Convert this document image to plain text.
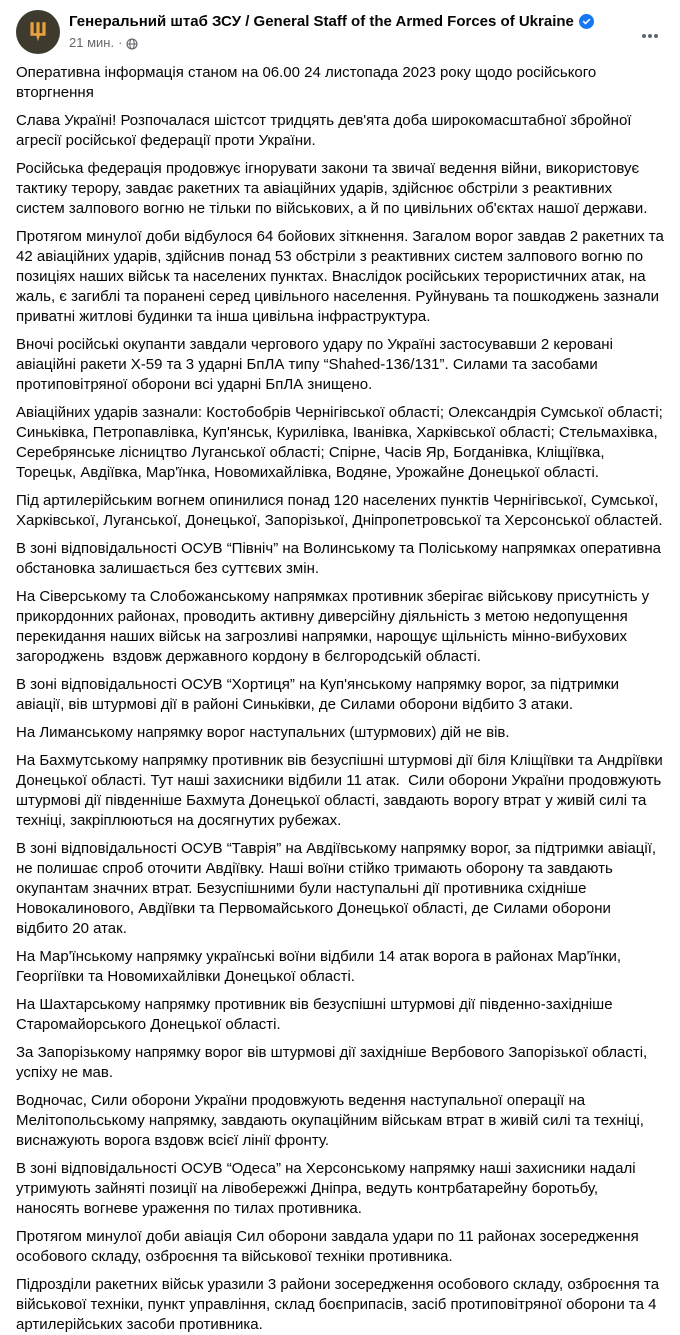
Генеральний штаб ЗСУ / General Staff of the Armed Forces of Ukraine
21 мин. ·

Оперативна інформація станом на 06.00 24 листопада 2023 року щодо російського вторгнення

Слава Україні! Розпочалася шістсот тридцять дев'ята доба широкомасштабної збройної агресії російської федерації проти України.

Російська федерація продовжує ігнорувати закони та звичаї ведення війни, використовує тактику терору, завдає ракетних та авіаційних ударів, здійснює обстріли з реактивних систем залпового вогню не тільки по військових, а й по цивільних об'єктах нашої держави.

Протягом минулої доби відбулося 64 бойових зіткнення. Загалом ворог завдав 2 ракетних та 42 авіаційних ударів, здійснив понад 53 обстріли з реактивних систем залпового вогню по позиціях наших військ та населених пунктах. Внаслідок російських терористичних атак, на жаль, є загиблі та поранені серед цивільного населення. Руйнувань та пошкоджень зазнали приватні житлові будинки та інша цивільна інфраструктура.

Вночі російські окупанти завдали чергового удару по Україні застосувавши 2 керовані авіаційні ракети Х-59 та 3 ударні БпЛА типу “Shahed-136/131”. Силами та засобами протиповітряної оборони всі ударні БпЛА знищено.

Авіаційних ударів зазнали: Костобобрів Чернігівської області; Олександрія Сумської області; Синьківка, Петропавлівка, Куп'янськ, Курилівка, Іванівка, Харківської області; Стельмахівка, Серебрянське лісництво Луганської області; Спірне, Часів Яр, Богданівка, Кліщіївка, Торецьк, Авдіївка, Мар'їнка, Новомихайлівка, Водяне, Урожайне Донецької області.

Під артилерійським вогнем опинилися понад 120 населених пунктів Чернігівської, Сумської, Харківської, Луганської, Донецької, Запорізької, Дніпропетровської та Херсонської областей.

В зоні відповідальності ОСУВ “Північ” на Волинському та Поліському напрямках оперативна обстановка залишається без суттєвих змін.

На Сіверському та Слобожанському напрямках противник зберігає військову присутність у прикордонних районах, проводить активну диверсійну діяльність з метою недопущення перекидання наших військ на загрозливі напрямки, нарощує щільність мінно-вибухових загороджень  вздовж державного кордону в бєлгородській області.

В зоні відповідальності ОСУВ “Хортиця” на Куп'янському напрямку ворог, за підтримки авіації, вів штурмові дії в районі Синьківки, де Силами оборони відбито 3 атаки.

На Лиманському напрямку ворог наступальних (штурмових) дій не вів.

На Бахмутському напрямку противник вів безуспішні штурмові дії біля Кліщіївки та Андріївки Донецької області. Тут наші захисники відбили 11 атак.  Сили оборони України продовжують штурмові дії південніше Бахмута Донецької області, завдають ворогу втрат у живій силі та техніці, закріплюються на досягнутих рубежах.

В зоні відповідальності ОСУВ “Таврія” на Авдіївському напрямку ворог, за підтримки авіації, не полишає спроб оточити Авдіївку. Наші воїни стійко тримають оборону та завдають окупантам значних втрат. Безуспішними були наступальні дії противника східніше Новокалинового, Авдіївки та Первомайського Донецької області, де Силами оборони відбито 20 атак.

На Мар'їнському напрямку українські воїни відбили 14 атак ворога в районах Мар'їнки, Георгіївки та Новомихайлівки Донецької області.

На Шахтарському напрямку противник вів безуспішні штурмові дії південно-західніше Старомайорського Донецької області.

За Запорізькому напрямку ворог вів штурмові дії західніше Вербового Запорізької області, успіху не мав.

Водночас, Сили оборони України продовжують ведення наступальної операції на Мелітопольському напрямку, завдають окупаційним військам втрат в живій силі та техніці, виснажують ворога вздовж всієї лінії фронту.

В зоні відповідальності ОСУВ “Одеса” на Херсонському напрямку наші захисники надалі утримують зайняті позиції на лівобережжі Дніпра, ведуть контрбатарейну боротьбу, наносять вогневе ураження по тилах противника.

Протягом минулої доби авіація Сил оборони завдала удари по 11 районах зосередження особового складу, озброєння та військової техніки противника.

Підрозділи ракетних військ уразили 3 райони зосередження особового складу, озброєння та військової техніки, пункт управління, склад боєприпасів, засіб протиповітряної оборони та 4 артилерійських засоби противника.
